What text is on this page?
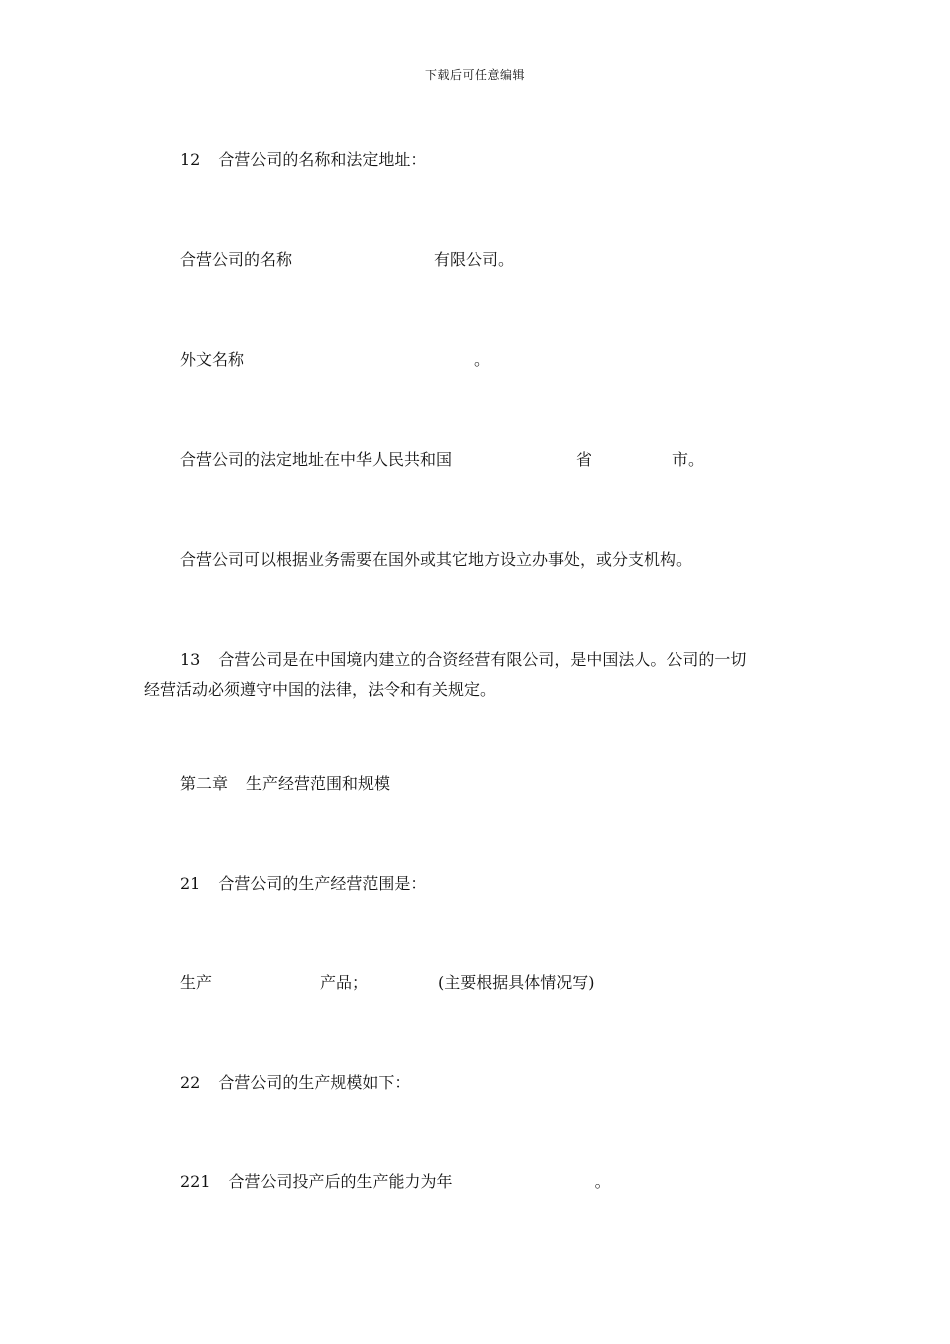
下载后可任意编辑
12 合营公司的名称和法定地址：
合营公司的名称	有限公司。
外文名称	。
合营公司的法定地址在中华人民共和国	省	市。
合营公司可以根据业务需要在国外或其它地方设立办事处，或分支机构。
13 合营公司是在中国境内建立的合资经营有限公司，是中国法人。公司的一切
经营活动必须遵守中国的法律，法令和有关规定。
第二章 生产经营范围和规模
21 合营公司的生产经营范围是：
生产	产品；	(主要根据具体情况写)
22 合营公司的生产规模如下：
221 合营公司投产后的生产能力为年	。
